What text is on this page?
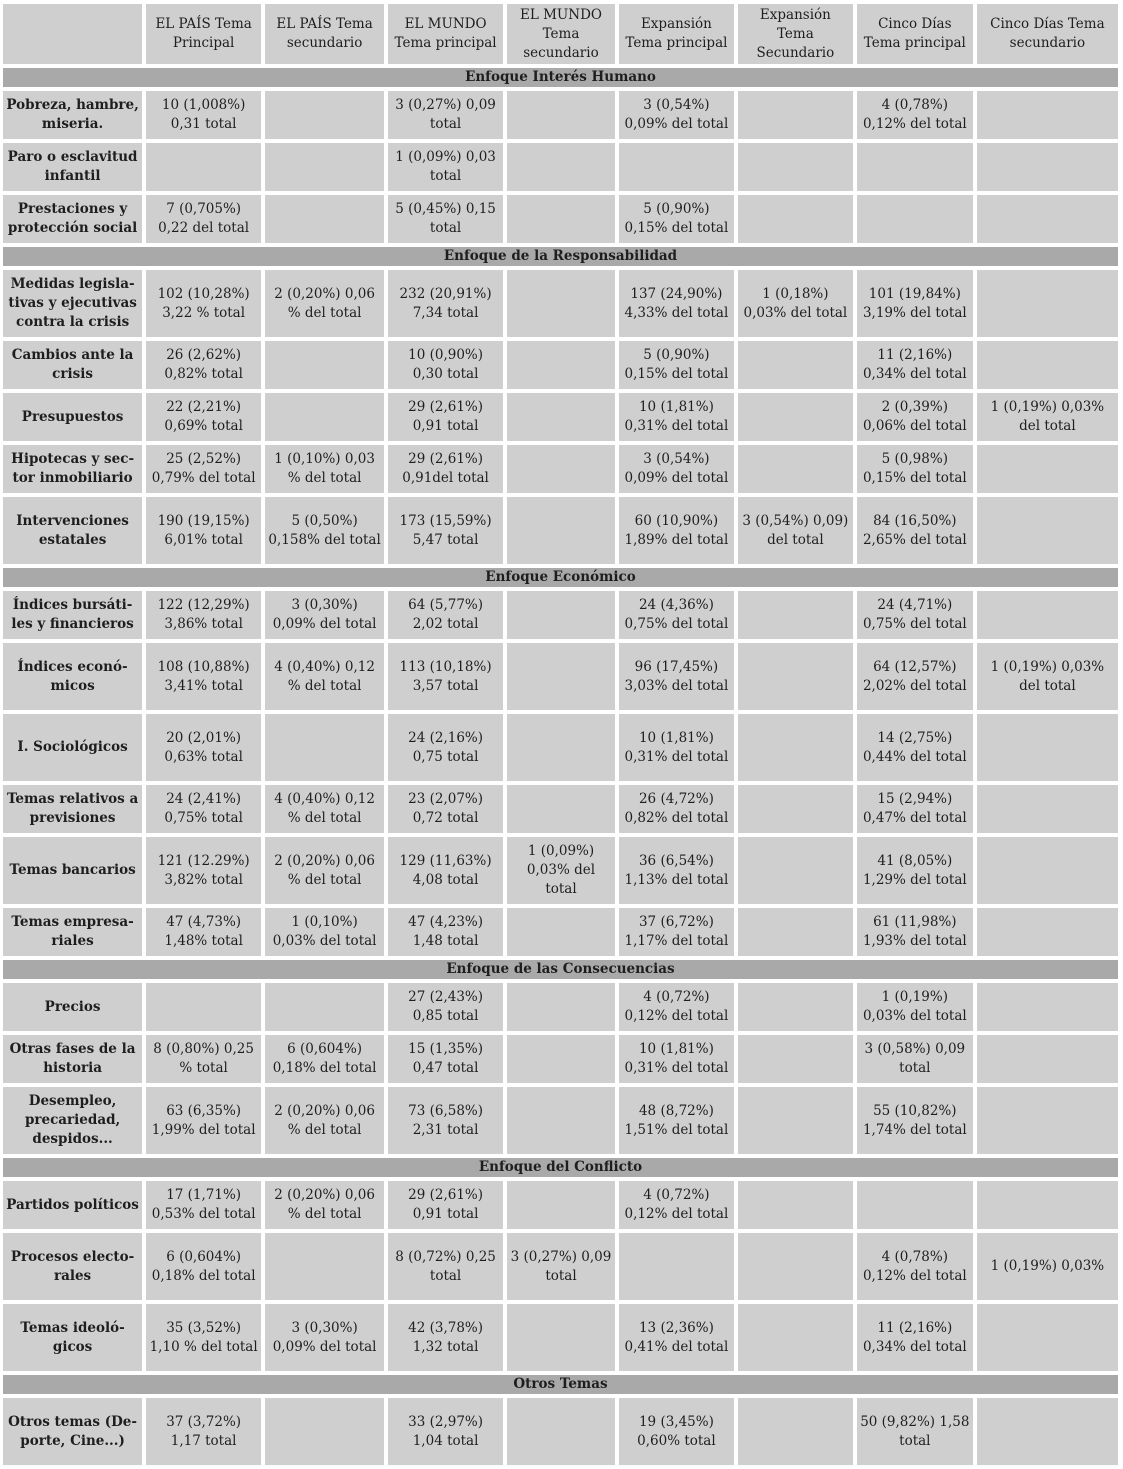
	EL PAÍS Tema Principal	EL PAÍS Tema secundario	EL MUNDO Tema principal	EL MUNDO Tema secundario	Expansión Tema principal	Expansión Tema Secundario	Cinco Días Tema principal	Cinco Días Tema secundario
Enfoque Interés Humano								
Pobreza, hambre, miseria.	10 (1,008%) 0,31 total		3 (0,27%) 0,09 total		3 (0,54%) 0,09% del total		4 (0,78%) 0,12% del total	
Paro o esclavitud infantil			1 (0,09%) 0,03 total					
Prestaciones y protección social	7 (0,705%) 0,22 del total		5 (0,45%) 0,15 total		5 (0,90%) 0,15% del total			
Enfoque de la Responsabilidad								
Medidas legisla-tivas y ejecutivas contra la crisis	102 (10,28%) 3,22 % total	2 (0,20%) 0,06 % del total	232 (20,91%) 7,34 total		137 (24,90%) 4,33% del total	1 (0,18%) 0,03% del total	101 (19,84%) 3,19% del total	
Cambios ante la crisis	26 (2,62%) 0,82% total		10 (0,90%) 0,30 total		5 (0,90%) 0,15% del total		11 (2,16%) 0,34% del total	
Presupuestos	22 (2,21%) 0,69% total		29 (2,61%) 0,91 total		10 (1,81%) 0,31% del total		2 (0,39%) 0,06% del total	1 (0,19%) 0,03% del total
Hipotecas y sec-tor inmobiliario	25 (2,52%) 0,79% del total	1 (0,10%) 0,03 % del total	29 (2,61%) 0,91del total		3 (0,54%) 0,09% del total		5 (0,98%) 0,15% del total	
Intervenciones estatales	190 (19,15%) 6,01% total	5 (0,50%) 0,158% del total	173 (15,59%) 5,47 total		60 (10,90%) 1,89% del total	3 (0,54%) 0,09) del total	84 (16,50%) 2,65% del total	
Enfoque Económico								
Índices bursáti-les y financieros	122 (12,29%) 3,86% total	3 (0,30%) 0,09% del total	64 (5,77%) 2,02 total		24 (4,36%) 0,75% del total		24 (4,71%) 0,75% del total	
Índices econó-micos	108 (10,88%) 3,41% total	4 (0,40%) 0,12 % del total	113 (10,18%) 3,57 total		96 (17,45%) 3,03% del total		64 (12,57%) 2,02% del total	1 (0,19%) 0,03% del total
I. Sociológicos	20 (2,01%) 0,63% total		24 (2,16%) 0,75 total		10 (1,81%) 0,31% del total		14 (2,75%) 0,44% del total	
Temas relativos a previsiones	24 (2,41%) 0,75% total	4 (0,40%) 0,12 % del total	23 (2,07%) 0,72 total		26 (4,72%) 0,82% del total		15 (2,94%) 0,47% del total	
Temas bancarios	121 (12.29%) 3,82% total	2 (0,20%) 0,06 % del total	129 (11,63%) 4,08 total	1 (0,09%) 0,03% del total	36 (6,54%) 1,13% del total		41 (8,05%) 1,29% del total	
Temas empresa-riales	47 (4,73%) 1,48% total	1 (0,10%) 0,03% del total	47 (4,23%) 1,48 total		37 (6,72%) 1,17% del total		61 (11,98%) 1,93% del total	
Enfoque de las Consecuencias								
Precios			27 (2,43%) 0,85 total		4 (0,72%) 0,12% del total		1 (0,19%) 0,03% del total	
Otras fases de la historia	8 (0,80%) 0,25 % total	6 (0,604%) 0,18% del total	15 (1,35%) 0,47 total		10 (1,81%) 0,31% del total		3 (0,58%) 0,09 total	
Desempleo, precariedad, despidos...	63 (6,35%) 1,99% del total	2 (0,20%) 0,06 % del total	73 (6,58%) 2,31 total		48 (8,72%) 1,51% del total		55 (10,82%) 1,74% del total	
Enfoque del Conflicto								
Partidos políticos	17 (1,71%) 0,53% del total	2 (0,20%) 0,06 % del total	29 (2,61%) 0,91 total		4 (0,72%) 0,12% del total			
Procesos electo-rales	6 (0,604%) 0,18% del total		8 (0,72%) 0,25 total	3 (0,27%) 0,09 total			4 (0,78%) 0,12% del total	1 (0,19%) 0,03%
Temas ideoló-gicos	35 (3,52%) 1,10 % del total	3 (0,30%) 0,09% del total	42 (3,78%) 1,32 total		13 (2,36%) 0,41% del total		11 (2,16%) 0,34% del total	
Otros Temas								
Otros temas (De-porte, Cine...)	37 (3,72%) 1,17 total		33 (2,97%) 1,04 total		19 (3,45%) 0,60% total		50 (9,82%) 1,58 total	
